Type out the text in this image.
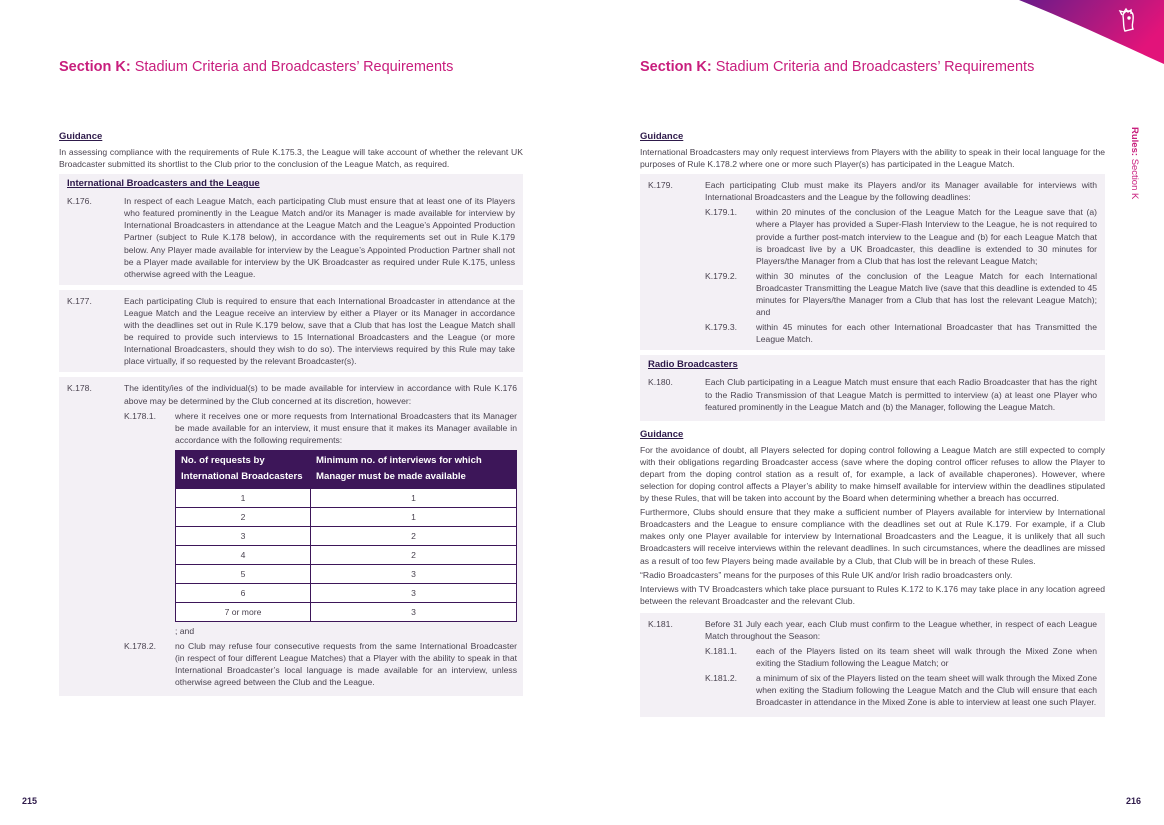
Section K: Stadium Criteria and Broadcasters’ Requirements
Guidance
In assessing compliance with the requirements of Rule K.175.3, the League will take account of whether the relevant UK Broadcaster submitted its shortlist to the Club prior to the conclusion of the League Match, as required.
International Broadcasters and the League
K.176.	In respect of each League Match, each participating Club must ensure that at least one of its Players who featured prominently in the League Match and/or its Manager is made available for interview by International Broadcasters in attendance at the League Match and the League’s Appointed Production Partner (subject to Rule K.178 below), in accordance with the requirements set out in Rule K.179 below. Any Player made available for interview by the League’s Appointed Production Partner shall not be a Player made available for interview by the UK Broadcaster as required under Rule K.175, unless otherwise agreed with the League.
K.177.	Each participating Club is required to ensure that each International Broadcaster in attendance at the League Match and the League receive an interview by either a Player or its Manager in accordance with the deadlines set out in Rule K.179 below, save that a Club that has lost the League Match shall be required to provide such interviews to 15 International Broadcasters and the League (or more International Broadcasters, should they wish to do so). The interviews required by this Rule may take place virtually, if so requested by the relevant Broadcaster(s).
K.178.	The identity/ies of the individual(s) to be made available for interview in accordance with Rule K.176 above may be determined by the Club concerned at its discretion, however:
K.178.1.	where it receives one or more requests from International Broadcasters that its Manager be made available for an interview, it must ensure that it makes its Manager available in accordance with the following requirements:
No. of requests by International Broadcasters	Minimum no. of interviews for which Manager must be made available
1	1
2	1
3	2
4	2
5	3
6	3
7 or more	3
; and
K.178.2.	no Club may refuse four consecutive requests from the same International Broadcaster (in respect of four different League Matches) that a Player with the ability to speak in that International Broadcaster’s local language is made available for an interview, unless otherwise agreed between the Club and the League.
215
Section K: Stadium Criteria and Broadcasters’ Requirements
Guidance
International Broadcasters may only request interviews from Players with the ability to speak in their local language for the purposes of Rule K.178.2 where one or more such Player(s) has participated in the League Match.
K.179.	Each participating Club must make its Players and/or its Manager available for interviews with International Broadcasters and the League by the following deadlines:
K.179.1.	within 20 minutes of the conclusion of the League Match for the League save that (a) where a Player has provided a Super-Flash Interview to the League, he is not required to provide a further post-match interview to the League and (b) for each League Match that is broadcast live by a UK Broadcaster, this deadline is extended to 30 minutes for Players/the Manager from a Club that has lost the relevant League Match;
K.179.2.	within 30 minutes of the conclusion of the League Match for each International Broadcaster Transmitting the League Match live (save that this deadline is extended to 45 minutes for Players/the Manager from a Club that has lost the relevant League Match); and
K.179.3.	within 45 minutes for each other International Broadcaster that has Transmitted the League Match.
Radio Broadcasters
K.180.	Each Club participating in a League Match must ensure that each Radio Broadcaster that has the right to the Radio Transmission of that League Match is permitted to interview (a) at least one Player who featured prominently in the League Match and (b) the Manager, following the League Match.
Guidance
For the avoidance of doubt, all Players selected for doping control following a League Match are still expected to comply with their obligations regarding Broadcaster access (save where the doping control officer refuses to allow the Player to depart from the doping control station as a result of, for example, a lack of available chaperones). However, where selection for doping control affects a Player’s ability to make himself available for interview within the deadlines stipulated by these Rules, that will be taken into account by the Board when determining whether a breach has occurred.
Furthermore, Clubs should ensure that they make a sufficient number of Players available for interview by International Broadcasters and the League to ensure compliance with the deadlines set out at Rule K.179. For example, if a Club makes only one Player available for interview by International Broadcasters and the League, it is unlikely that all such Broadcasters will receive interviews within the relevant deadlines. In such circumstances, where the deadlines are missed as a result of too few Players being made available by a Club, that Club will be in breach of these Rules.
“Radio Broadcasters” means for the purposes of this Rule UK and/or Irish radio broadcasters only.
Interviews with TV Broadcasters which take place pursuant to Rules K.172 to K.176 may take place in any location agreed between the relevant Broadcaster and the relevant Club.
K.181.	Before 31 July each year, each Club must confirm to the League whether, in respect of each League Match throughout the Season:
K.181.1.	each of the Players listed on its team sheet will walk through the Mixed Zone when exiting the Stadium following the League Match; or
K.181.2.	a minimum of six of the Players listed on the team sheet will walk through the Mixed Zone when exiting the Stadium following the League Match and the Club will ensure that each Broadcaster in attendance in the Mixed Zone is able to interview at least one such Player.
216
Rules: Section K
